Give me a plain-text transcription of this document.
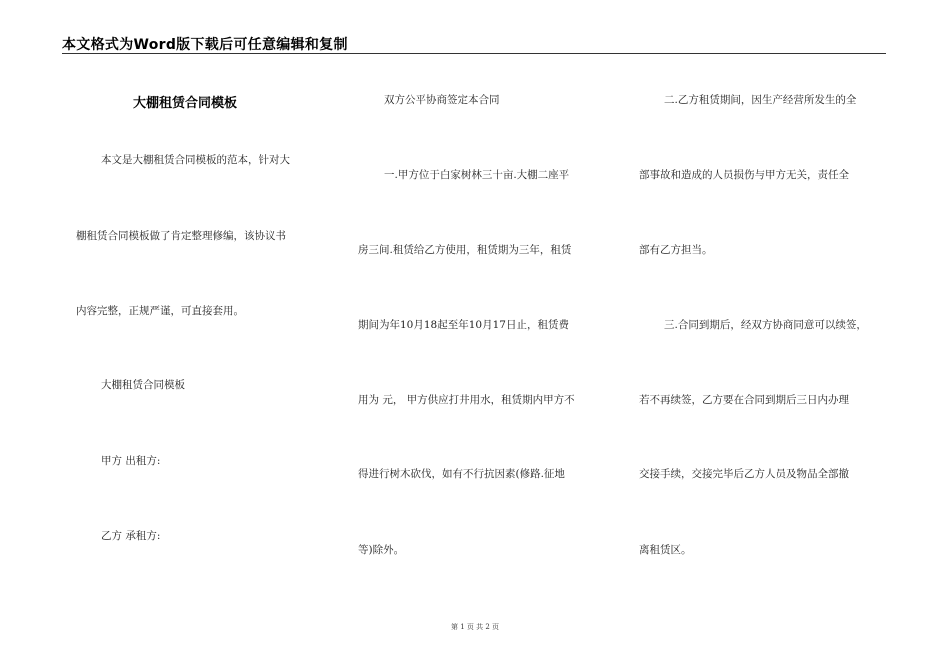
本文格式为Word版下载后可任意编辑和复制
大棚租赁合同模板
本文是大棚租赁合同模板的范本，针对大
棚租赁合同模板做了肯定整理修编，该协议书
内容完整，正规严谨，可直接套用。
大棚租赁合同模板
甲方 出租方:
乙方 承租方:
双方公平协商签定本合同
一.甲方位于白家树林三十亩.大棚二座平
房三间.租赁给乙方使用，租赁期为三年，租赁
期间为年10月18起至年10月17日止，租赁费
用为 元， 甲方供应打井用水，租赁期内甲方不
得进行树木砍伐，如有不行抗因素(修路.征地
等)除外。
二.乙方租赁期间，因生产经营所发生的全
部事故和造成的人员损伤与甲方无关，责任全
部有乙方担当。
三.合同到期后，经双方协商同意可以续签，
若不再续签，乙方要在合同到期后三日内办理
交接手续，交接完毕后乙方人员及物品全部撤
离租赁区。
第 1 页 共 2 页
